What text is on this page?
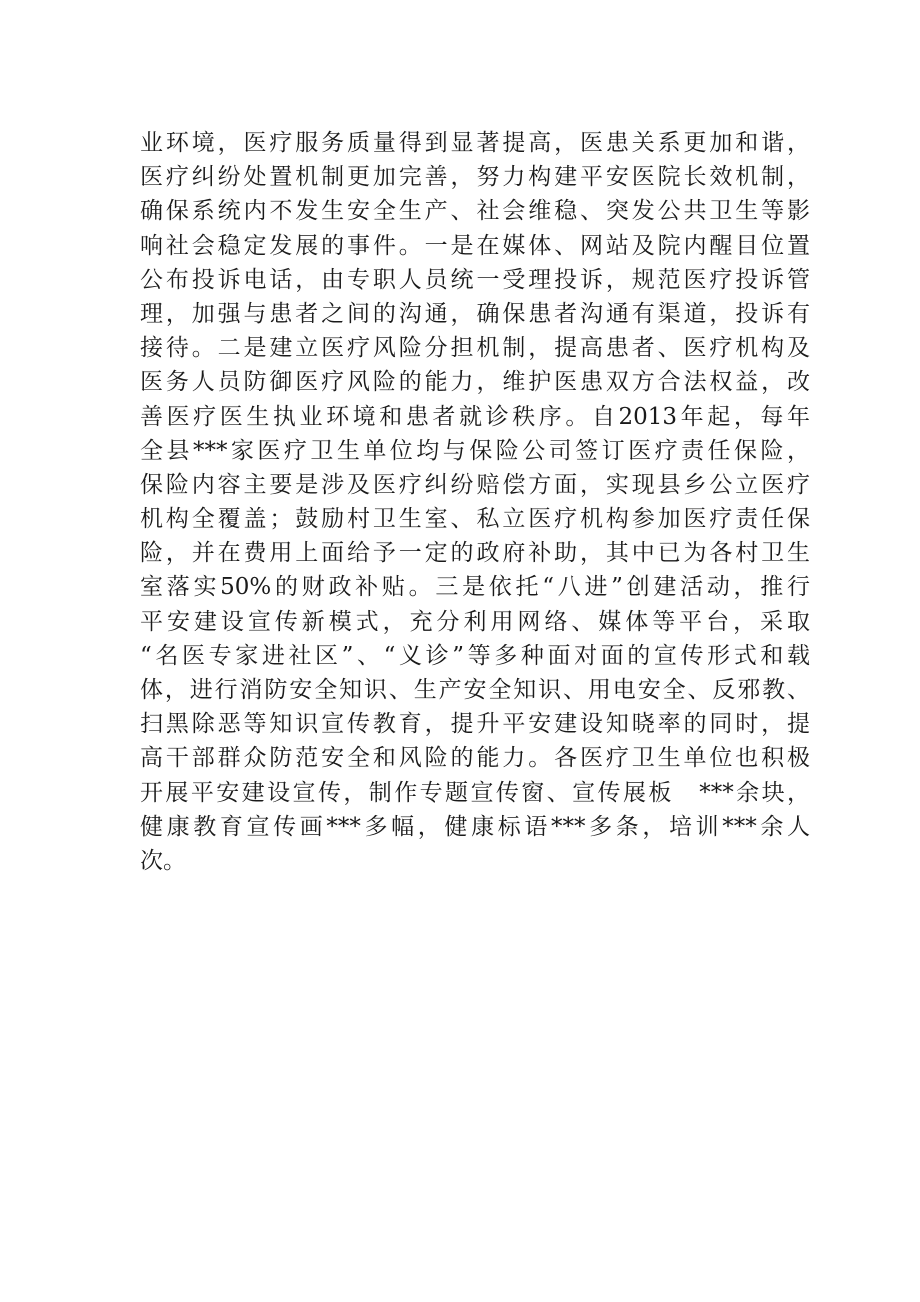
业环境，医疗服务质量得到显著提高，医患关系更加和谐，
医疗纠纷处置机制更加完善，努力构建平安医院长效机制，
确保系统内不发生安全生产、社会维稳、突发公共卫生等影
响社会稳定发展的事件。一是在媒体、网站及院内醒目位置
公布投诉电话，由专职人员统一受理投诉，规范医疗投诉管
理，加强与患者之间的沟通，确保患者沟通有渠道，投诉有
接待。二是建立医疗风险分担机制，提高患者、医疗机构及
医务人员防御医疗风险的能力，维护医患双方合法权益，改
善医疗医生执业环境和患者就诊秩序。自2013年起，每年
全县***家医疗卫生单位均与保险公司签订医疗责任保险，
保险内容主要是涉及医疗纠纷赔偿方面，实现县乡公立医疗
机构全覆盖；鼓励村卫生室、私立医疗机构参加医疗责任保
险，并在费用上面给予一定的政府补助，其中已为各村卫生
室落实50%的财政补贴。三是依托“八进”创建活动，推行
平安建设宣传新模式，充分利用网络、媒体等平台，采取
“名医专家进社区”、“义诊”等多种面对面的宣传形式和载
体，进行消防安全知识、生产安全知识、用电安全、反邪教、
扫黑除恶等知识宣传教育，提升平安建设知晓率的同时，提
高干部群众防范安全和风险的能力。各医疗卫生单位也积极
开展平安建设宣传，制作专题宣传窗、宣传展板　***余块，
健康教育宣传画***多幅，健康标语***多条，培训***余人
次。
